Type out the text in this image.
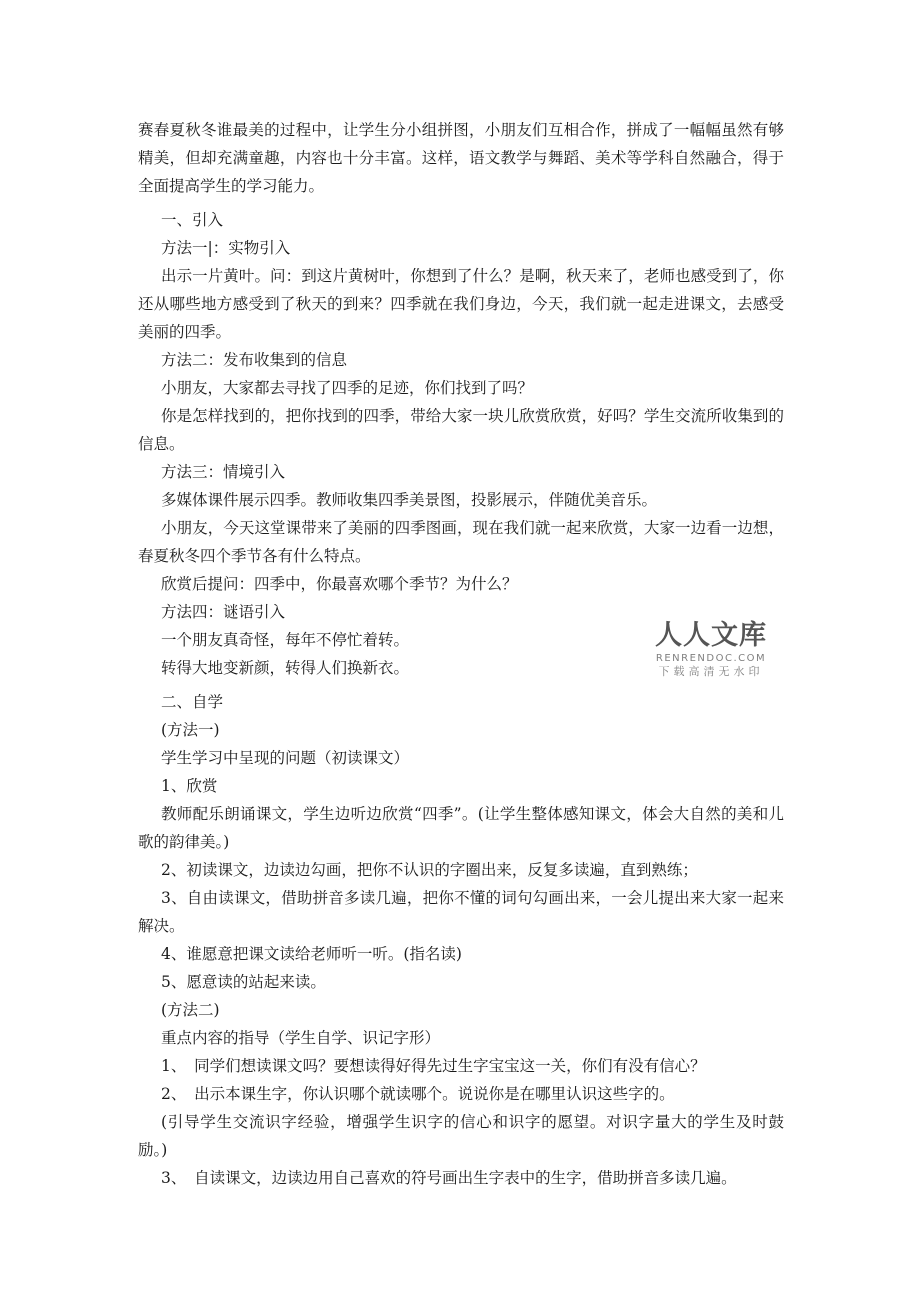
赛春夏秋冬谁最美的过程中，让学生分小组拼图，小朋友们互相合作，拼成了一幅幅虽然有够精美，但却充满童趣，内容也十分丰富。这样，语文教学与舞蹈、美术等学科自然融合，得于全面提高学生的学习能力。

一、引入

方法一|：实物引入

出示一片黄叶。问：到这片黄树叶，你想到了什么？是啊，秋天来了，老师也感受到了，你还从哪些地方感受到了秋天的到来？四季就在我们身边，今天，我们就一起走进课文，去感受美丽的四季。

方法二：发布收集到的信息

小朋友，大家都去寻找了四季的足迹，你们找到了吗？

你是怎样找到的，把你找到的四季，带给大家一块儿欣赏欣赏，好吗？学生交流所收集到的信息。

方法三：情境引入

多媒体课件展示四季。教师收集四季美景图，投影展示，伴随优美音乐。

小朋友，今天这堂课带来了美丽的四季图画，现在我们就一起来欣赏，大家一边看一边想，春夏秋冬四个季节各有什么特点。

欣赏后提问：四季中，你最喜欢哪个季节？为什么？

方法四：谜语引入

一个朋友真奇怪，每年不停忙着转。

转得大地变新颜，转得人们换新衣。

二、自学

(方法一)

学生学习中呈现的问题（初读课文）

1、欣赏

教师配乐朗诵课文，学生边听边欣赏“四季”。(让学生整体感知课文，体会大自然的美和儿歌的韵律美。)

2、初读课文，边读边勾画，把你不认识的字圈出来，反复多读遍，直到熟练；

3、自由读课文，借助拼音多读几遍，把你不懂的词句勾画出来，一会儿提出来大家一起来解决。

4、谁愿意把课文读给老师听一听。(指名读)

5、愿意读的站起来读。

(方法二)

重点内容的指导（学生自学、识记字形）

1、　同学们想读课文吗？要想读得好得先过生字宝宝这一关，你们有没有信心？

2、　出示本课生字，你认识哪个就读哪个。说说你是在哪里认识这些字的。

(引导学生交流识字经验，增强学生识字的信心和识字的愿望。对识字量大的学生及时鼓励。)

3、　自读课文，边读边用自己喜欢的符号画出生字表中的生字，借助拼音多读几遍。

人人文库
RENRENDOC.COM
下载高清无水印
